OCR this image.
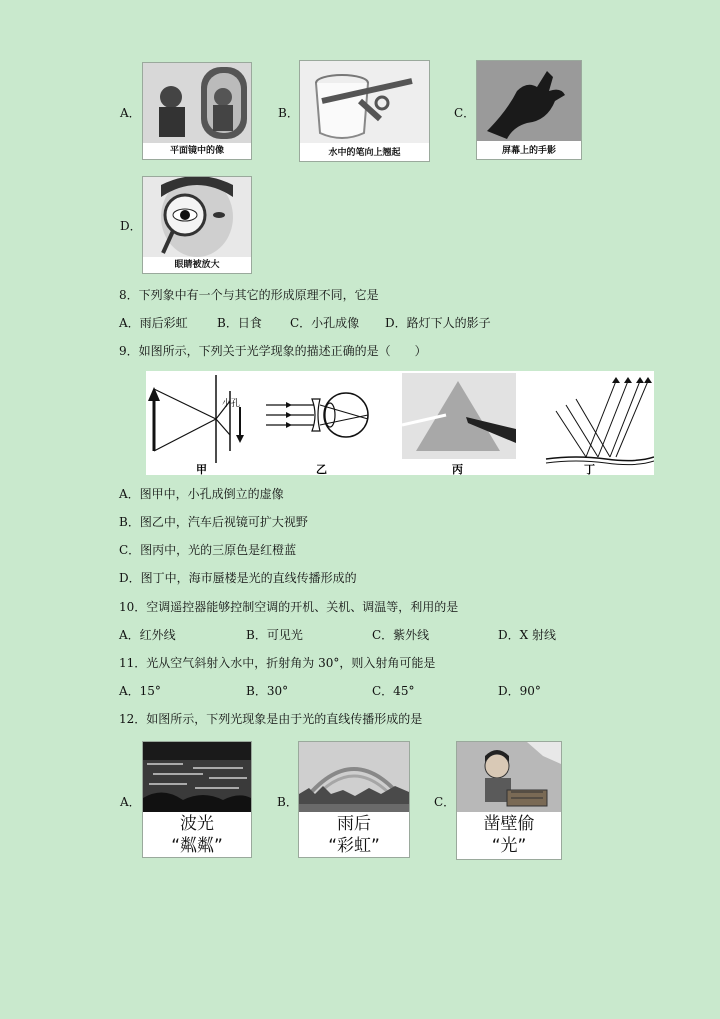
A．
平面镜中的像
B．
水中的笔向上翘起
C．
屏幕上的手影
D．
眼睛被放大
8．下列象中有一个与其它的形成原理不同，它是
A．雨后彩虹 B．日食 C．小孔成像 D．路灯下人的影子
9．如图所示，下列关于光学现象的描述正确的是（　　）
小孔
甲	乙	丙	丁
A．图甲中，小孔成倒立的虚像
B．图乙中，汽车后视镜可扩大视野
C．图丙中，光的三原色是红橙蓝
D．图丁中，海市蜃楼是光的直线传播形成的
10．空调遥控器能够控制空调的开机、关机、调温等，利用的是
A．红外线	B．可见光	C．紫外线	D．X 射线
11．光从空气斜射入水中，折射角为 30°，则入射角可能是
A．15°	B．30°	C．45°	D．90°
12．如图所示，下列光现象是由于光的直线传播形成的是
A．
波光
“粼粼”
B．
雨后
“彩虹”
C．
凿壁偷
“光”
